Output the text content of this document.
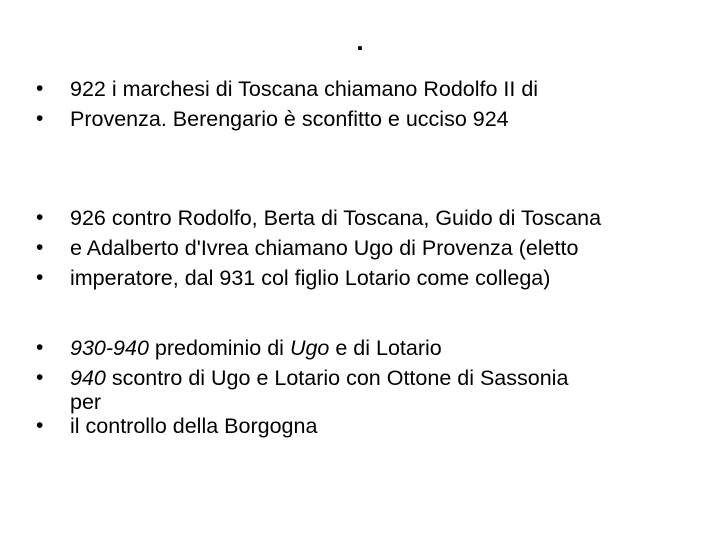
.
• 922 i marchesi di Toscana chiamano Rodolfo II di
• Provenza. Berengario è sconfitto e ucciso 924
• 926 contro Rodolfo, Berta di Toscana, Guido di Toscana
• e Adalberto d'Ivrea chiamano Ugo di Provenza (eletto
• imperatore, dal 931 col figlio Lotario come collega)
• 930-940 predominio di Ugo e di Lotario
• 940 scontro di Ugo e Lotario con Ottone di Sassonia
per
• il controllo della Borgogna
